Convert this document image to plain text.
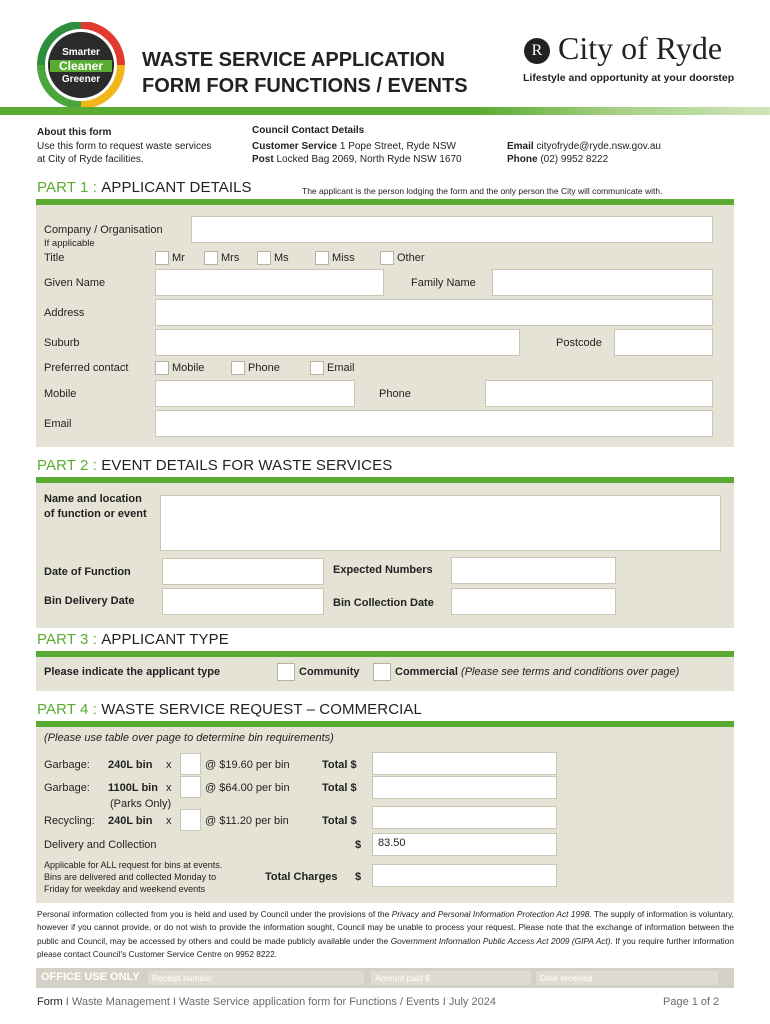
Smarter
Cleaner
Greener
WASTE SERVICE APPLICATION
FORM FOR FUNCTIONS / EVENTS
R City of Ryde
Lifestyle and opportunity at your doorstep
About this form
Use this form to request waste services
at City of Ryde facilities.
Council Contact Details
Customer Service 1 Pope Street, Ryde NSW
Post Locked Bag 2069, North Ryde NSW 1670
Email cityofryde@ryde.nsw.gov.au
Phone (02) 9952 8222
PART 1 : APPLICANT DETAILS	The applicant is the person lodging the form and the only person the City will communicate with.
Company / Organisation
If applicable
Title	Mr	Mrs	Ms	Miss	Other
Given Name	Family Name
Address
Suburb	Postcode
Preferred contact	Mobile	Phone	Email
Mobile	Phone
Email
PART 2 : EVENT DETAILS FOR WASTE SERVICES
Name and location
of function or event
Date of Function	Expected Numbers
Bin Delivery Date	Bin Collection Date
PART 3 : APPLICANT TYPE
Please indicate the applicant type	Community	Commercial (Please see terms and conditions over page)
PART 4 : WASTE SERVICE REQUEST – COMMERCIAL
(Please use table over page to determine bin requirements)
Garbage: 240L bin x	@ $19.60 per bin	Total $
Garbage: 1100L bin x	@ $64.00 per bin	Total $
(Parks Only)
Recycling: 240L bin x	@ $11.20 per bin	Total $
Delivery and Collection	$	83.50
Applicable for ALL request for bins at events.
Bins are delivered and collected Monday to
Friday for weekday and weekend events
Total Charges $
Personal information collected from you is held and used by Council under the provisions of the Privacy and Personal Information Protection Act 1998. The supply of information is voluntary, however if you cannot provide, or do not wish to provide the information sought, Council may be unable to process your request. Please note that the exchange of information between the public and Council, may be accessed by others and could be made publicly available under the Government Information Public Access Act 2009 (GIPA Act). If you require further information please contact Council's Customer Service Centre on 9952 8222.
OFFICE USE ONLY Receipt number	Amount paid $	Date received
Form I Waste Management I Waste Service application form for Functions / Events I July 2024	Page 1 of 2
